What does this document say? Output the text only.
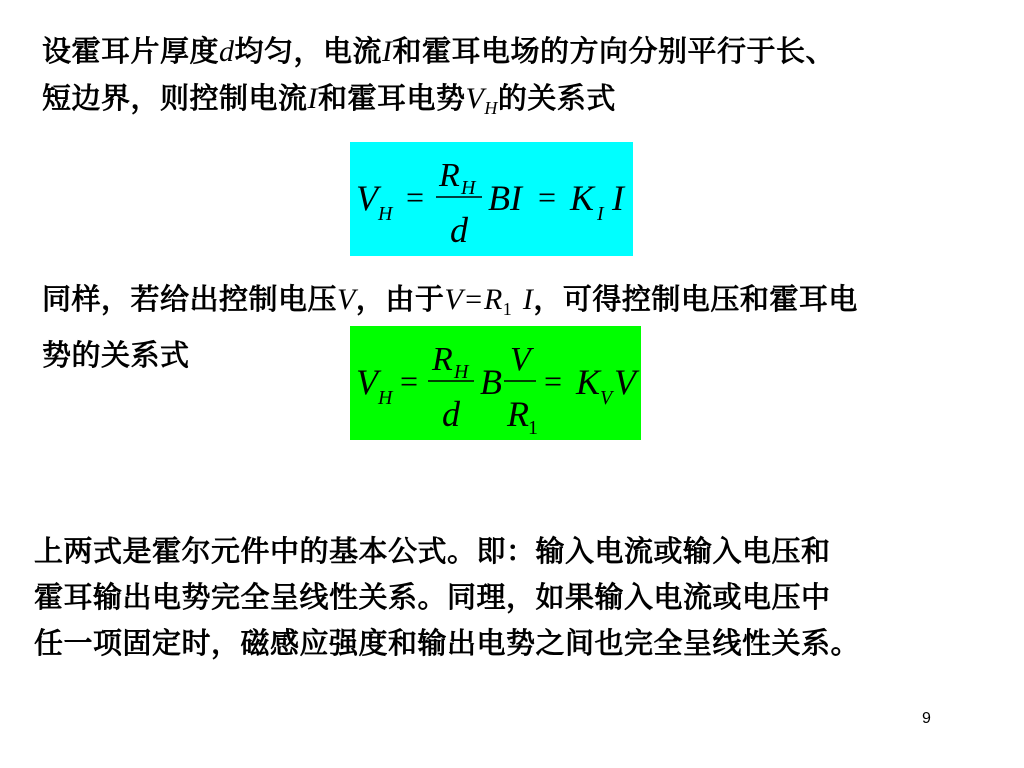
设霍耳片厚度d均匀，电流I和霍耳电场的方向分别平行于长、
短边界，则控制电流I和霍耳电势$V_H$的关系式
V H =
R H
d
BI = K I I
同样，若给出控制电压V，由于$V=R_1$ I，可得控制电压和霍耳电
势的关系式
V H =
R H
d
B
V
R 1
= K V V
上两式是霍尔元件中的基本公式。即：输入电流或输入电压和
霍耳输出电势完全呈线性关系。同理，如果输入电流或电压中
任一项固定时，磁感应强度和输出电势之间也完全呈线性关系。
9
